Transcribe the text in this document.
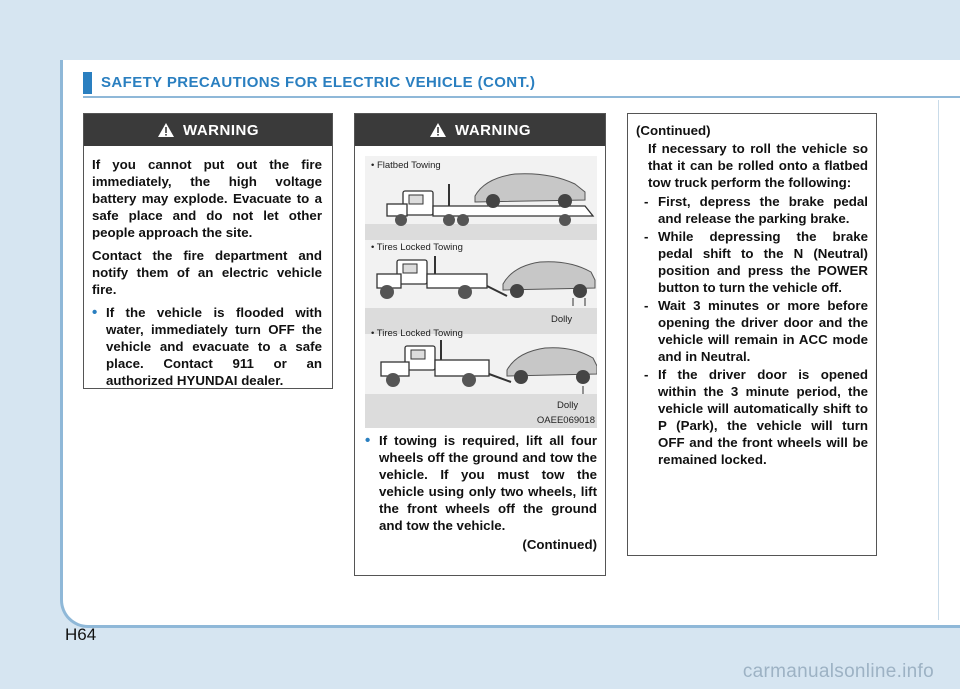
SAFETY PRECAUTIONS FOR ELECTRIC VEHICLE (CONT.)
WARNING

If you cannot put out the fire immediately, the high voltage battery may explode. Evacuate to a safe place and do not let other people approach the site.

Contact the fire department and notify them of an electric vehicle fire.

• If the vehicle is flooded with water, immediately turn OFF the vehicle and evacuate to a safe place. Contact 911 or an authorized HYUNDAI dealer.
WARNING
• Flatbed Towing
• Tires Locked Towing
Dolly
• Tires Locked Towing
Dolly
OAEE069018
• If towing is required, lift all four wheels off the ground and tow the vehicle. If you must tow the vehicle using only two wheels, lift the front wheels off the ground and tow the vehicle.
(Continued)
(Continued)
If necessary to roll the vehicle so that it can be rolled onto a flatbed tow truck perform the following:
- First, depress the brake pedal and release the parking brake.
- While depressing the brake pedal shift to the N (Neutral) position and press the POWER button to turn the vehicle off.
- Wait 3 minutes or more before opening the driver door and the vehicle will remain in ACC mode and in Neutral.
- If the driver door is opened within the 3 minute period, the vehicle will automatically shift to P (Park), the vehicle will turn OFF and the front wheels will be remained locked.
H64
carmanualsonline.info
